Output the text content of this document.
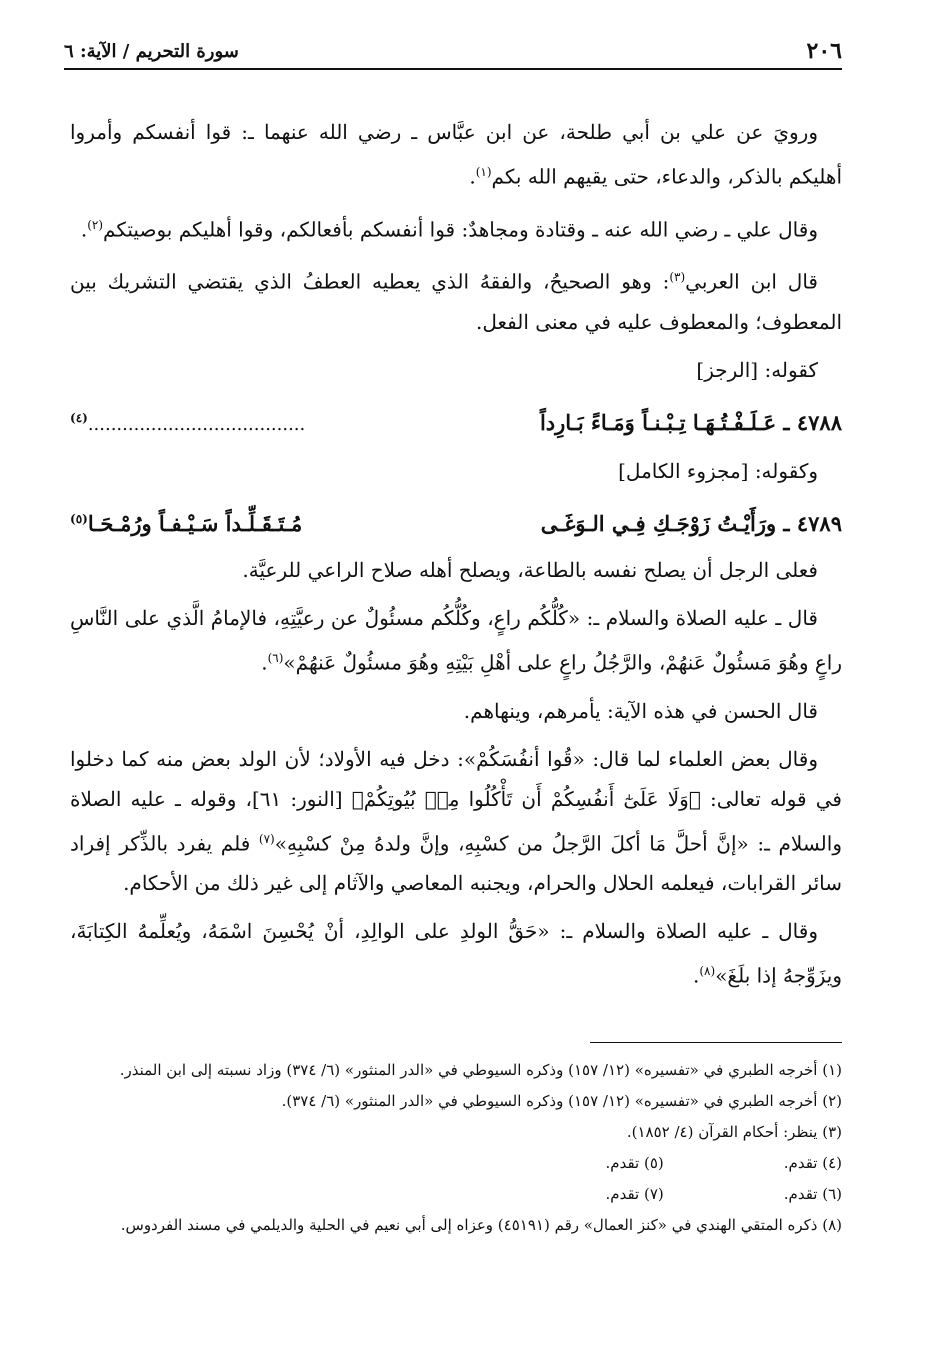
٢٠٦
سورة التحريم / الآية: ٦

ورويَ عن علي بن أبي طلحة، عن ابن عبَّاس ـ رضي الله عنهما ـ: قوا أنفسكم وأمروا أهليكم بالذكر، والدعاء، حتى يقيهم الله بكم$^{(١)}$.

وقال علي ـ رضي الله عنه ـ وقتادة ومجاهدٌ: قوا أنفسكم بأفعالكم، وقوا أهليكم بوصيتكم$^{(٢)}$.

قال ابن العربي$^{(٣)}$: وهو الصحيحُ، والفقهُ الذي يعطيه العطفُ الذي يقتضي التشريك بين المعطوف؛ والمعطوف عليه في معنى الفعل.

كقوله: [الرجز]

٤٧٨٨ ـ عَـلَـفْـتُـهَـا تِـبْـنـاً وَمَـاءً بَـارِداً
......................................$^{(٤)}$

وكقوله: [مجزوء الكامل]

٤٧٨٩ ـ ورَأَيْـتُ زَوْجَـكِ فِـي الـوَغَـى
مُـتَـقَـلِّـداً سَـيْـفـاً ورُمْـحَـا$^{(٥)}$

فعلى الرجل أن يصلح نفسه بالطاعة، ويصلح أهله صلاح الراعي للرعيَّة.

قال ـ عليه الصلاة والسلام ـ: «كُلُّكُم راعٍ، وكُلُّكُم مسئُولٌ عن رعيَّتِهِ، فالإمامُ الَّذي على النَّاسِ راعٍ وهُوَ مَسئُولٌ عَنهُمْ، والرَّجُلُ راعٍ على أهْلِ بَيْتِهِ وهُوَ مسئُولٌ عَنهُمْ»$^{(٦)}$.

قال الحسن في هذه الآية: يأمرهم، وينهاهم.

وقال بعض العلماء لما قال: «قُوا أنفُسَكُمْ»: دخل فيه الأولاد؛ لأن الولد بعض منه كما دخلوا في قوله تعالى: ﴿وَلَا عَلَىٰٓ أَنفُسِكُمْ أَن تَأْكُلُوا مِنۢ بُيُوتِكُمْ﴾ [النور: ٦١]، وقوله ـ عليه الصلاة والسلام ـ: «إنَّ أحلَّ مَا أكلَ الرَّجلُ من كسْبِهِ، وإنَّ ولدهُ مِنْ كسْبِهِ»$^{(٧)}$ فلم يفرد بالذِّكر إفراد سائر القرابات، فيعلمه الحلال والحرام، ويجنبه المعاصي والآثام إلى غير ذلك من الأحكام.

وقال ـ عليه الصلاة والسلام ـ: «حَقُّ الولدِ على الوالِدِ، أنْ يُحْسِنَ اسْمَهُ، ويُعلِّمهُ الكِتابَةَ، ويزَوِّجهُ إذا بلَغَ»$^{(٨)}$.

(١) أخرجه الطبري في «تفسيره» (١٢/ ١٥٧) وذكره السيوطي في «الدر المنثور» (٦/ ٣٧٤) وزاد نسبته إلى ابن المنذر.

(٢) أخرجه الطبري في «تفسيره» (١٢/ ١٥٧) وذكره السيوطي في «الدر المنثور» (٦/ ٣٧٤).

(٣) ينظر: أحكام القرآن (٤/ ١٨٥٢).

(٤) تقدم.
(٥) تقدم.
(٦) تقدم.
(٧) تقدم.

(٨) ذكره المتقي الهندي في «كنز العمال» رقم (٤٥١٩١) وعزاه إلى أبي نعيم في الحلية والديلمي في مسند الفردوس.
